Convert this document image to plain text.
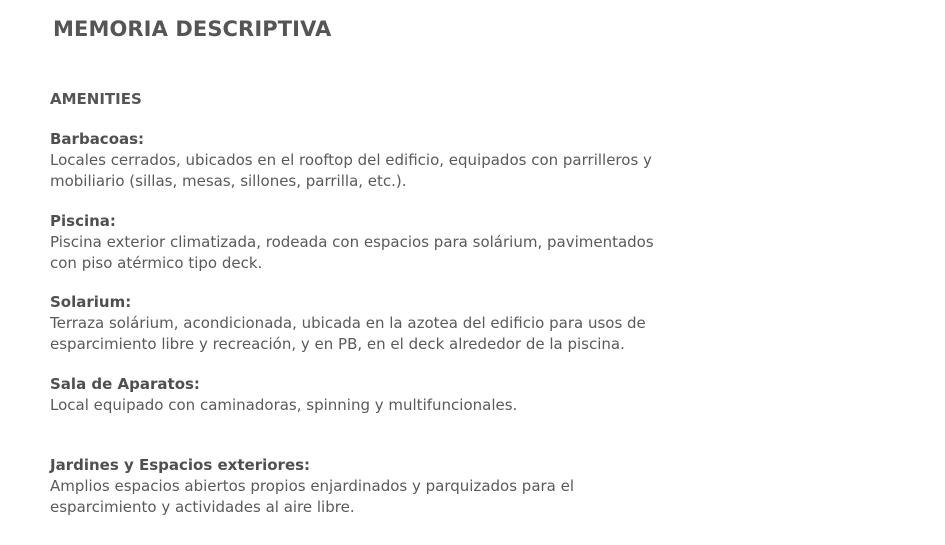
MEMORIA DESCRIPTIVA
AMENITIES
Barbacoas:
Locales cerrados, ubicados en el rooftop del edificio, equipados con parrilleros y
mobiliario (sillas, mesas, sillones, parrilla, etc.).
Piscina:
Piscina exterior climatizada, rodeada con espacios para solárium, pavimentados
con piso atérmico tipo deck.
Solarium:
Terraza solárium, acondicionada, ubicada en la azotea del edificio para usos de
esparcimiento libre y recreación, y en PB, en el deck alrededor de la piscina.
Sala de Aparatos:
Local equipado con caminadoras, spinning y multifuncionales.
Jardines y Espacios exteriores:
Amplios espacios abiertos propios enjardinados y parquizados para el
esparcimiento y actividades al aire libre.
